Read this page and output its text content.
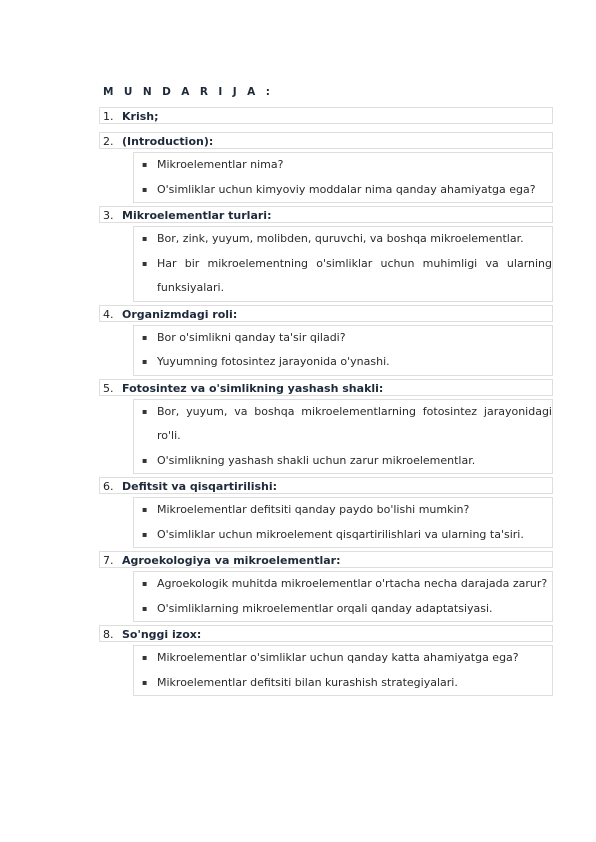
M U N D A R I J A :
1. Krish;
2. (Introduction):
▪ Mikroelementlar nima?
▪ O'simliklar uchun kimyoviy moddalar nima qanday ahamiyatga ega?
3. Mikroelementlar turlari:
▪ Bor, zink, yuyum, molibden, quruvchi, va boshqa mikroelementlar.
▪ Har bir mikroelementning o'simliklar uchun muhimligi va ularning funksiyalari.
4. Organizmdagi roli:
▪ Bor o'simlikni qanday ta'sir qiladi?
▪ Yuyumning fotosintez jarayonida o'ynashi.
5. Fotosintez va o'simlikning yashash shakli:
▪ Bor, yuyum, va boshqa mikroelementlarning fotosintez jarayonidagi ro'li.
▪ O'simlikning yashash shakli uchun zarur mikroelementlar.
6. Defitsit va qisqartirilishi:
▪ Mikroelementlar defitsiti qanday paydo bo'lishi mumkin?
▪ O'simliklar uchun mikroelement qisqartirilishlari va ularning ta'siri.
7. Agroekologiya va mikroelementlar:
▪ Agroekologik muhitda mikroelementlar o'rtacha necha darajada zarur?
▪ O'simliklarning mikroelementlar orqali qanday adaptatsiyasi.
8. So'nggi izox:
▪ Mikroelementlar o'simliklar uchun qanday katta ahamiyatga ega?
▪ Mikroelementlar defitsiti bilan kurashish strategiyalari.
